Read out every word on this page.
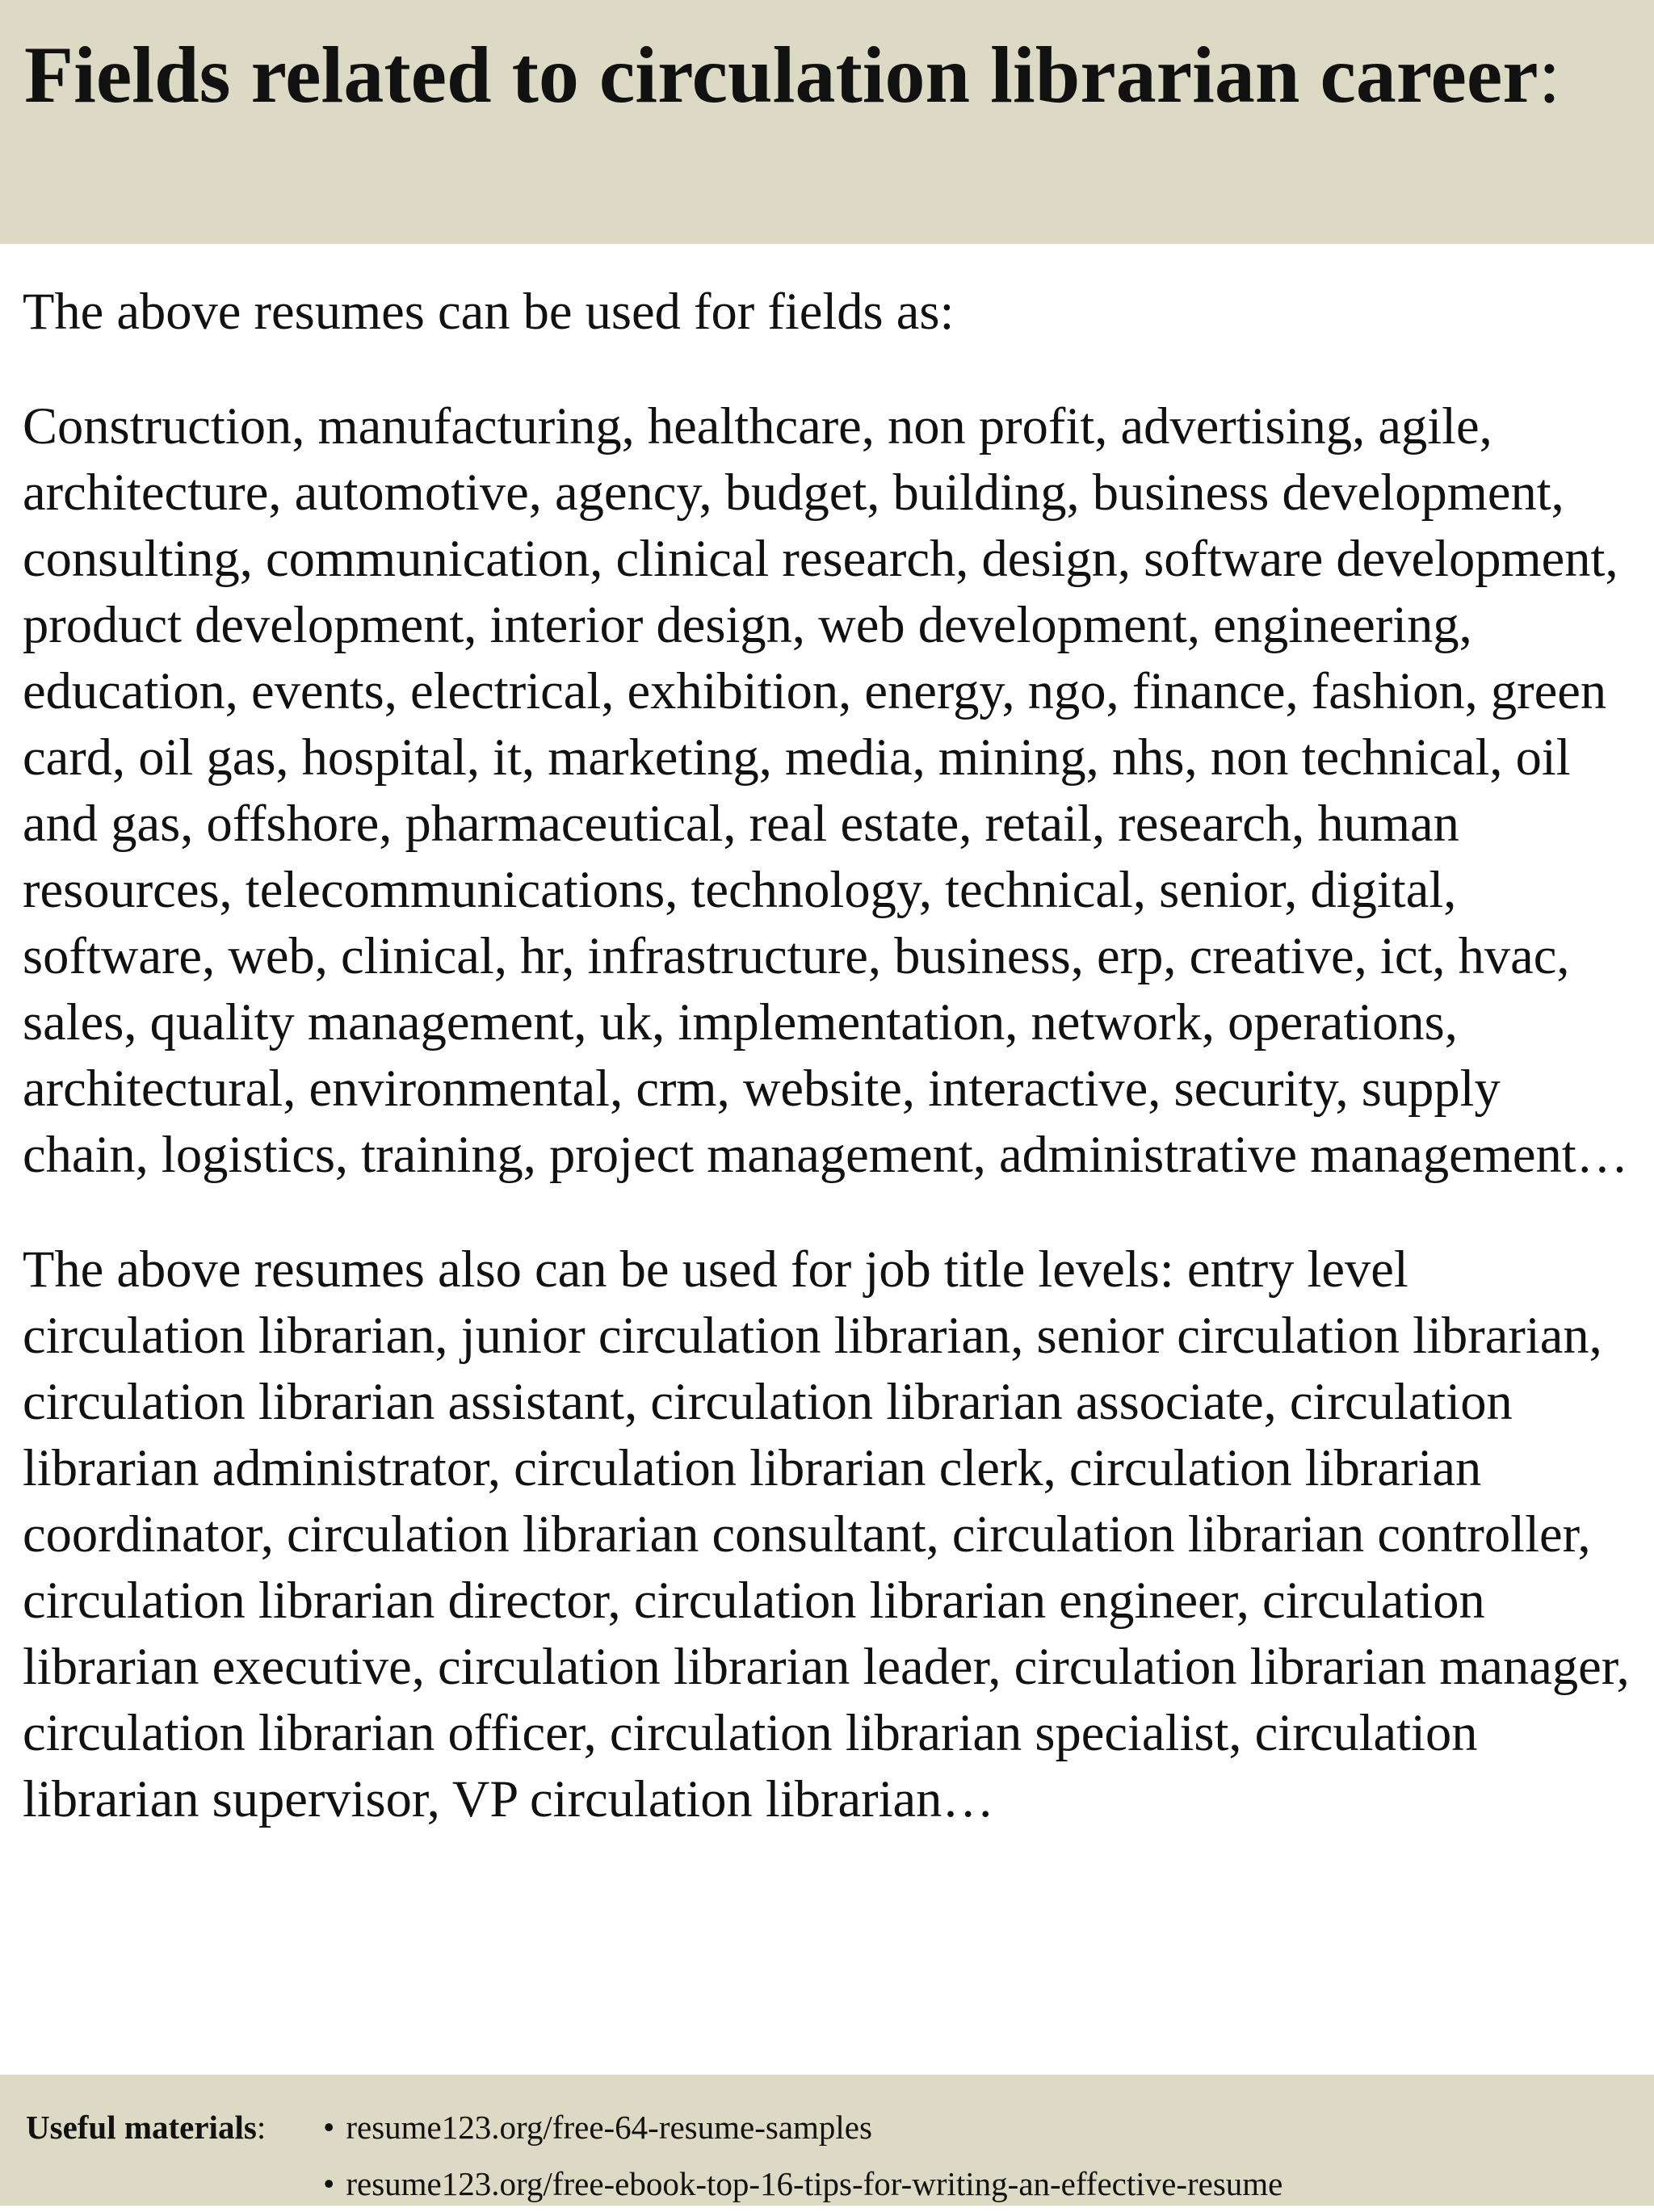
Fields related to circulation librarian career:

The above resumes can be used for fields as:

Construction, manufacturing, healthcare, non profit, advertising, agile, architecture, automotive, agency, budget, building, business development, consulting, communication, clinical research, design, software development, product development, interior design, web development, engineering, education, events, electrical, exhibition, energy, ngo, finance, fashion, green card, oil gas, hospital, it, marketing, media, mining, nhs, non technical, oil and gas, offshore, pharmaceutical, real estate, retail, research, human resources, telecommunications, technology, technical, senior, digital, software, web, clinical, hr, infrastructure, business, erp, creative, ict, hvac, sales, quality management, uk, implementation, network, operations, architectural, environmental, crm, website, interactive, security, supply chain, logistics, training, project management, administrative management…

The above resumes also can be used for job title levels: entry level circulation librarian, junior circulation librarian, senior circulation librarian, circulation librarian assistant, circulation librarian associate, circulation librarian administrator, circulation librarian clerk, circulation librarian coordinator, circulation librarian consultant, circulation librarian controller, circulation librarian director, circulation librarian engineer, circulation librarian executive, circulation librarian leader, circulation librarian manager, circulation librarian officer, circulation librarian specialist, circulation librarian supervisor, VP circulation librarian…

Useful materials:	• resume123.org/free-64-resume-samples
• resume123.org/free-ebook-top-16-tips-for-writing-an-effective-resume
